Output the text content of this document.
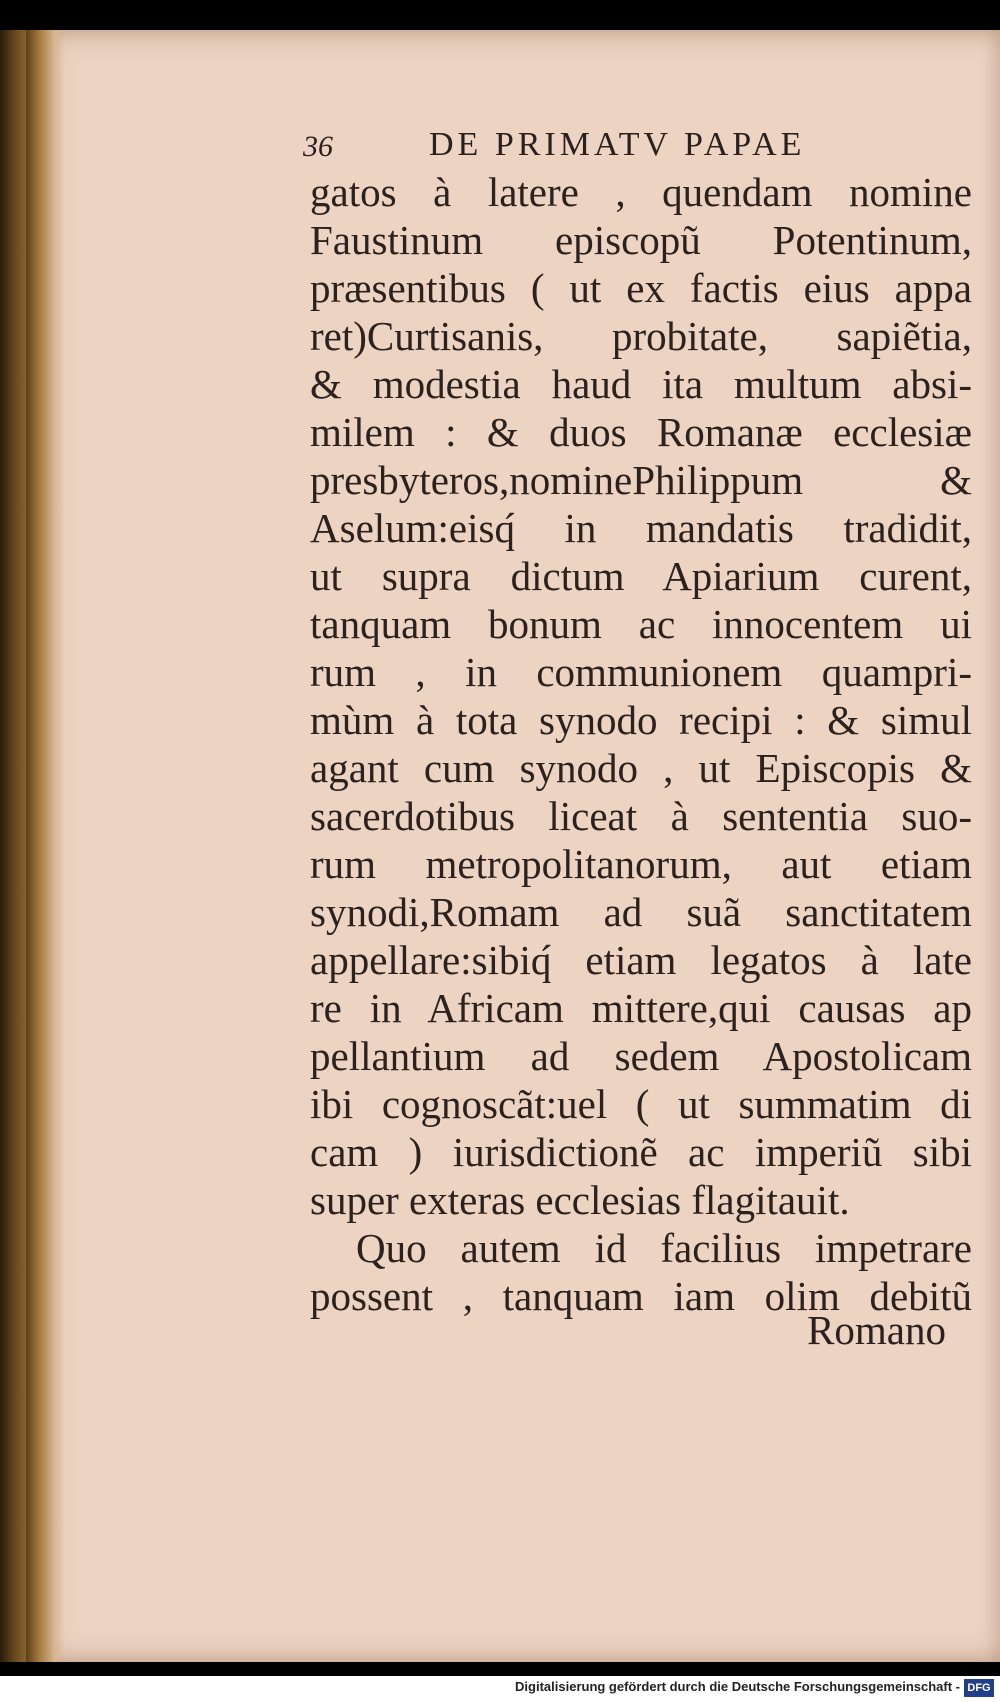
36	DE PRIMATV PAPAE
gatos à latere , quendam nomine
Faustinum episcopũ Potentinum,
præsentibus ( ut ex factis eius appa
ret)Curtisanis, probitate, sapiẽtia,
& modestia haud ita multum absi-
milem : & duos Romanæ ecclesiæ
presbyteros,nominePhilippum &
Aselum:eisq́ in mandatis tradidit,
ut supra dictum Apiarium curent,
tanquam bonum ac innocentem ui
rum , in communionem quampri-
mùm à tota synodo recipi : & simul
agant cum synodo , ut Episcopis &
sacerdotibus liceat à sententia suo-
rum metropolitanorum, aut etiam
synodi,Romam ad suã sanctitatem
appellare:sibiq́ etiam legatos à late
re in Africam mittere,qui causas ap
pellantium ad sedem Apostolicam
ibi cognoscãt:uel ( ut summatim di
cam ) iurisdictionẽ ac imperiũ sibi
super exteras ecclesias flagitauit.
Quo autem id facilius impetrare
possent , tanquam iam olim debitũ
Romano
Digitalisierung gefördert durch die Deutsche Forschungsgemeinschaft - DFG
